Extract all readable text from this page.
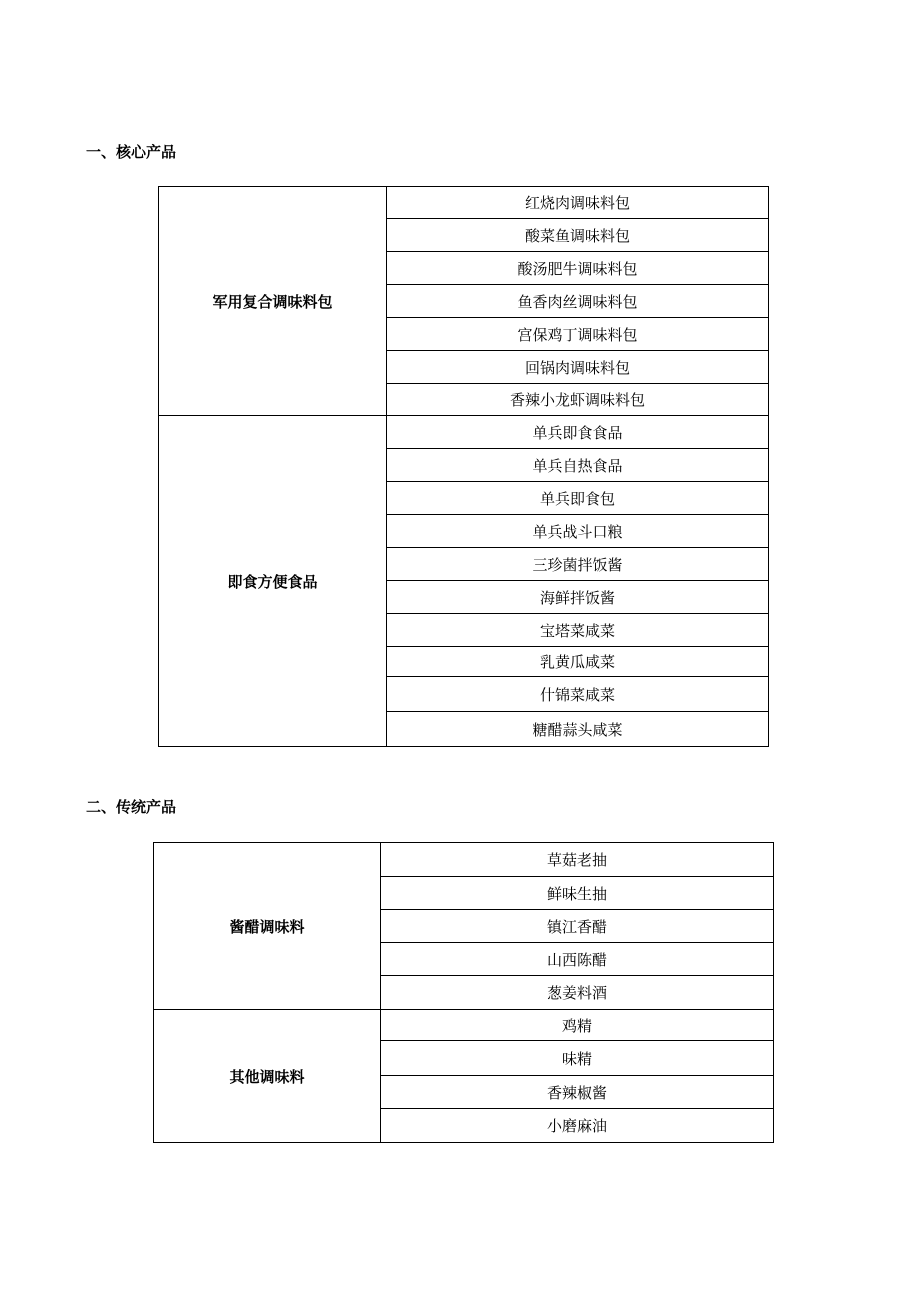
一、核心产品
军用复合调味料包	红烧肉调味料包
	酸菜鱼调味料包
	酸汤肥牛调味料包
	鱼香肉丝调味料包
	宫保鸡丁调味料包
	回锅肉调味料包
	香辣小龙虾调味料包
即食方便食品	单兵即食食品
	单兵自热食品
	单兵即食包
	单兵战斗口粮
	三珍菌拌饭酱
	海鲜拌饭酱
	宝塔菜咸菜
	乳黄瓜咸菜
	什锦菜咸菜
	糖醋蒜头咸菜
二、传统产品
酱醋调味料	草菇老抽
	鲜味生抽
	镇江香醋
	山西陈醋
	葱姜料酒
其他调味料	鸡精
	味精
	香辣椒酱
	小磨麻油
